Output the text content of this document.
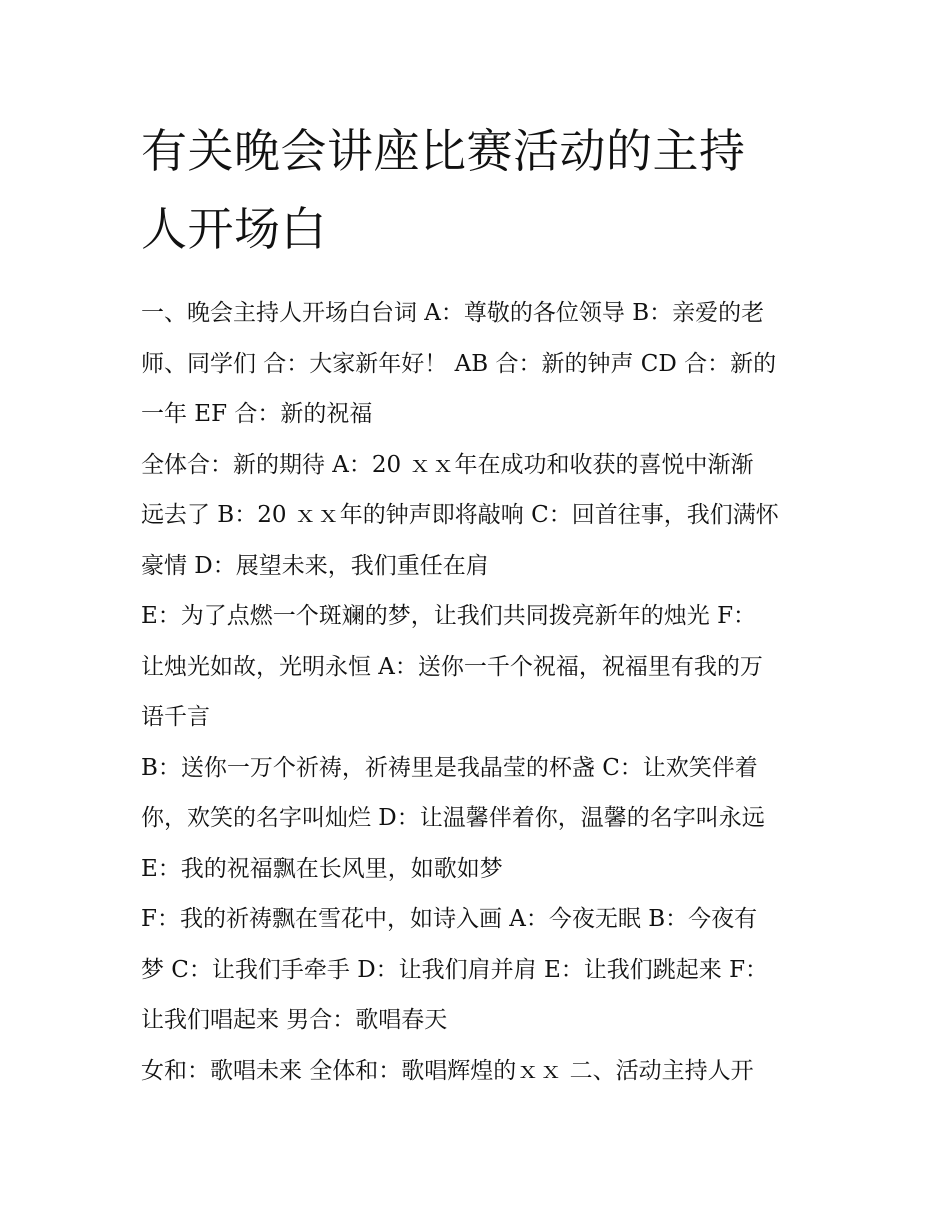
有关晚会讲座比赛活动的主持
人开场白

一、晚会主持人开场白台词 A：尊敬的各位领导 B：亲爱的老
师、同学们 合：大家新年好！ AB 合：新的钟声 CD 合：新的
一年 EF 合：新的祝福
全体合：新的期待 A：20 ｘｘ年在成功和收获的喜悦中渐渐
远去了 B：20 ｘｘ年的钟声即将敲响 C：回首往事，我们满怀
豪情 D：展望未来，我们重任在肩
E：为了点燃一个斑斓的梦，让我们共同拨亮新年的烛光 F：
让烛光如故，光明永恒 A：送你一千个祝福，祝福里有我的万
语千言
B：送你一万个祈祷，祈祷里是我晶莹的杯盏 C：让欢笑伴着
你，欢笑的名字叫灿烂 D：让温馨伴着你，温馨的名字叫永远
E：我的祝福飘在长风里，如歌如梦
F：我的祈祷飘在雪花中，如诗入画 A：今夜无眠 B：今夜有
梦 C：让我们手牵手 D：让我们肩并肩 E：让我们跳起来 F：
让我们唱起来 男合：歌唱春天
女和：歌唱未来 全体和：歌唱辉煌的ｘｘ 二、活动主持人开
